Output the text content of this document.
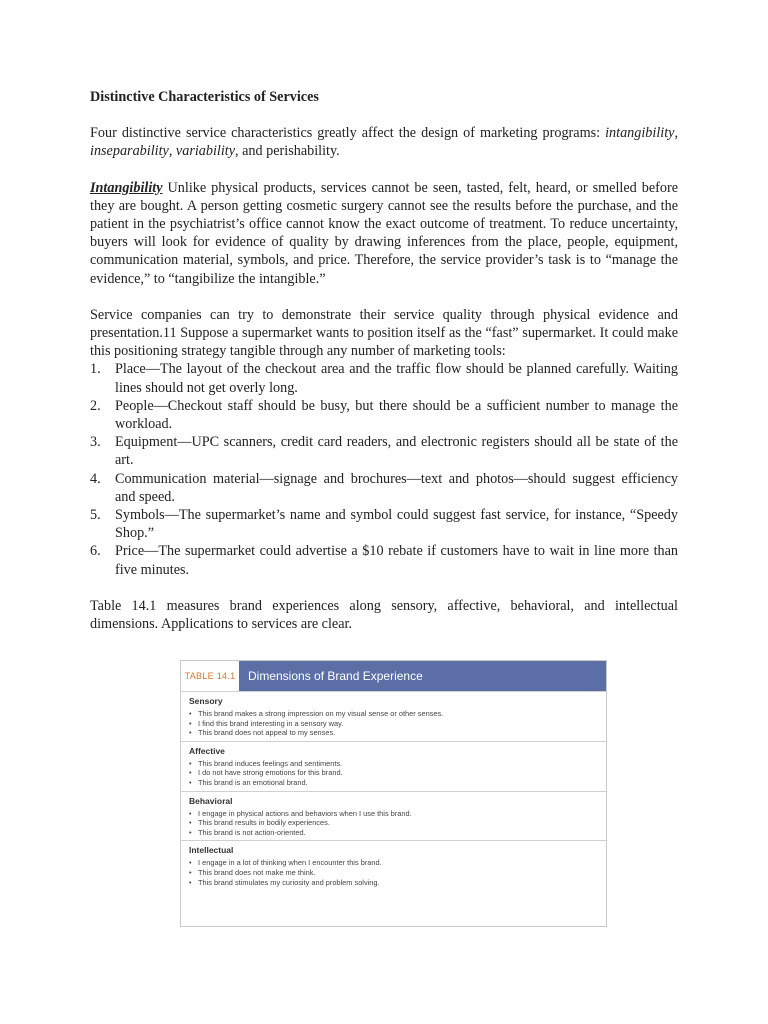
Distinctive Characteristics of Services

Four distinctive service characteristics greatly affect the design of marketing programs: intangibility, inseparability, variability, and perishability.

Intangibility Unlike physical products, services cannot be seen, tasted, felt, heard, or smelled before they are bought. A person getting cosmetic surgery cannot see the results before the purchase, and the patient in the psychiatrist’s office cannot know the exact outcome of treatment. To reduce uncertainty, buyers will look for evidence of quality by drawing inferences from the place, people, equipment, communication material, symbols, and price. Therefore, the service provider’s task is to “manage the evidence,” to “tangibilize the intangible.”

Service companies can try to demonstrate their service quality through physical evidence and presentation.11 Suppose a supermarket wants to position itself as the “fast” supermarket. It could make this positioning strategy tangible through any number of marketing tools:

1. Place—The layout of the checkout area and the traffic flow should be planned carefully. Waiting lines should not get overly long.
2. People—Checkout staff should be busy, but there should be a sufficient number to manage the workload.
3. Equipment—UPC scanners, credit card readers, and electronic registers should all be state of the art.
4. Communication material—signage and brochures—text and photos—should suggest efficiency and speed.
5. Symbols—The supermarket’s name and symbol could suggest fast service, for instance, “Speedy Shop.”
6. Price—The supermarket could advertise a $10 rebate if customers have to wait in line more than five minutes.

Table 14.1 measures brand experiences along sensory, affective, behavioral, and intellectual dimensions. Applications to services are clear.

TABLE 14.1	Dimensions of Brand Experience
Sensory
• This brand makes a strong impression on my visual sense or other senses.
• I find this brand interesting in a sensory way.
• This brand does not appeal to my senses.
Affective
• This brand induces feelings and sentiments.
• I do not have strong emotions for this brand.
• This brand is an emotional brand.
Behavioral
• I engage in physical actions and behaviors when I use this brand.
• This brand results in bodily experiences.
• This brand is not action-oriented.
Intellectual
• I engage in a lot of thinking when I encounter this brand.
• This brand does not make me think.
• This brand stimulates my curiosity and problem solving.
